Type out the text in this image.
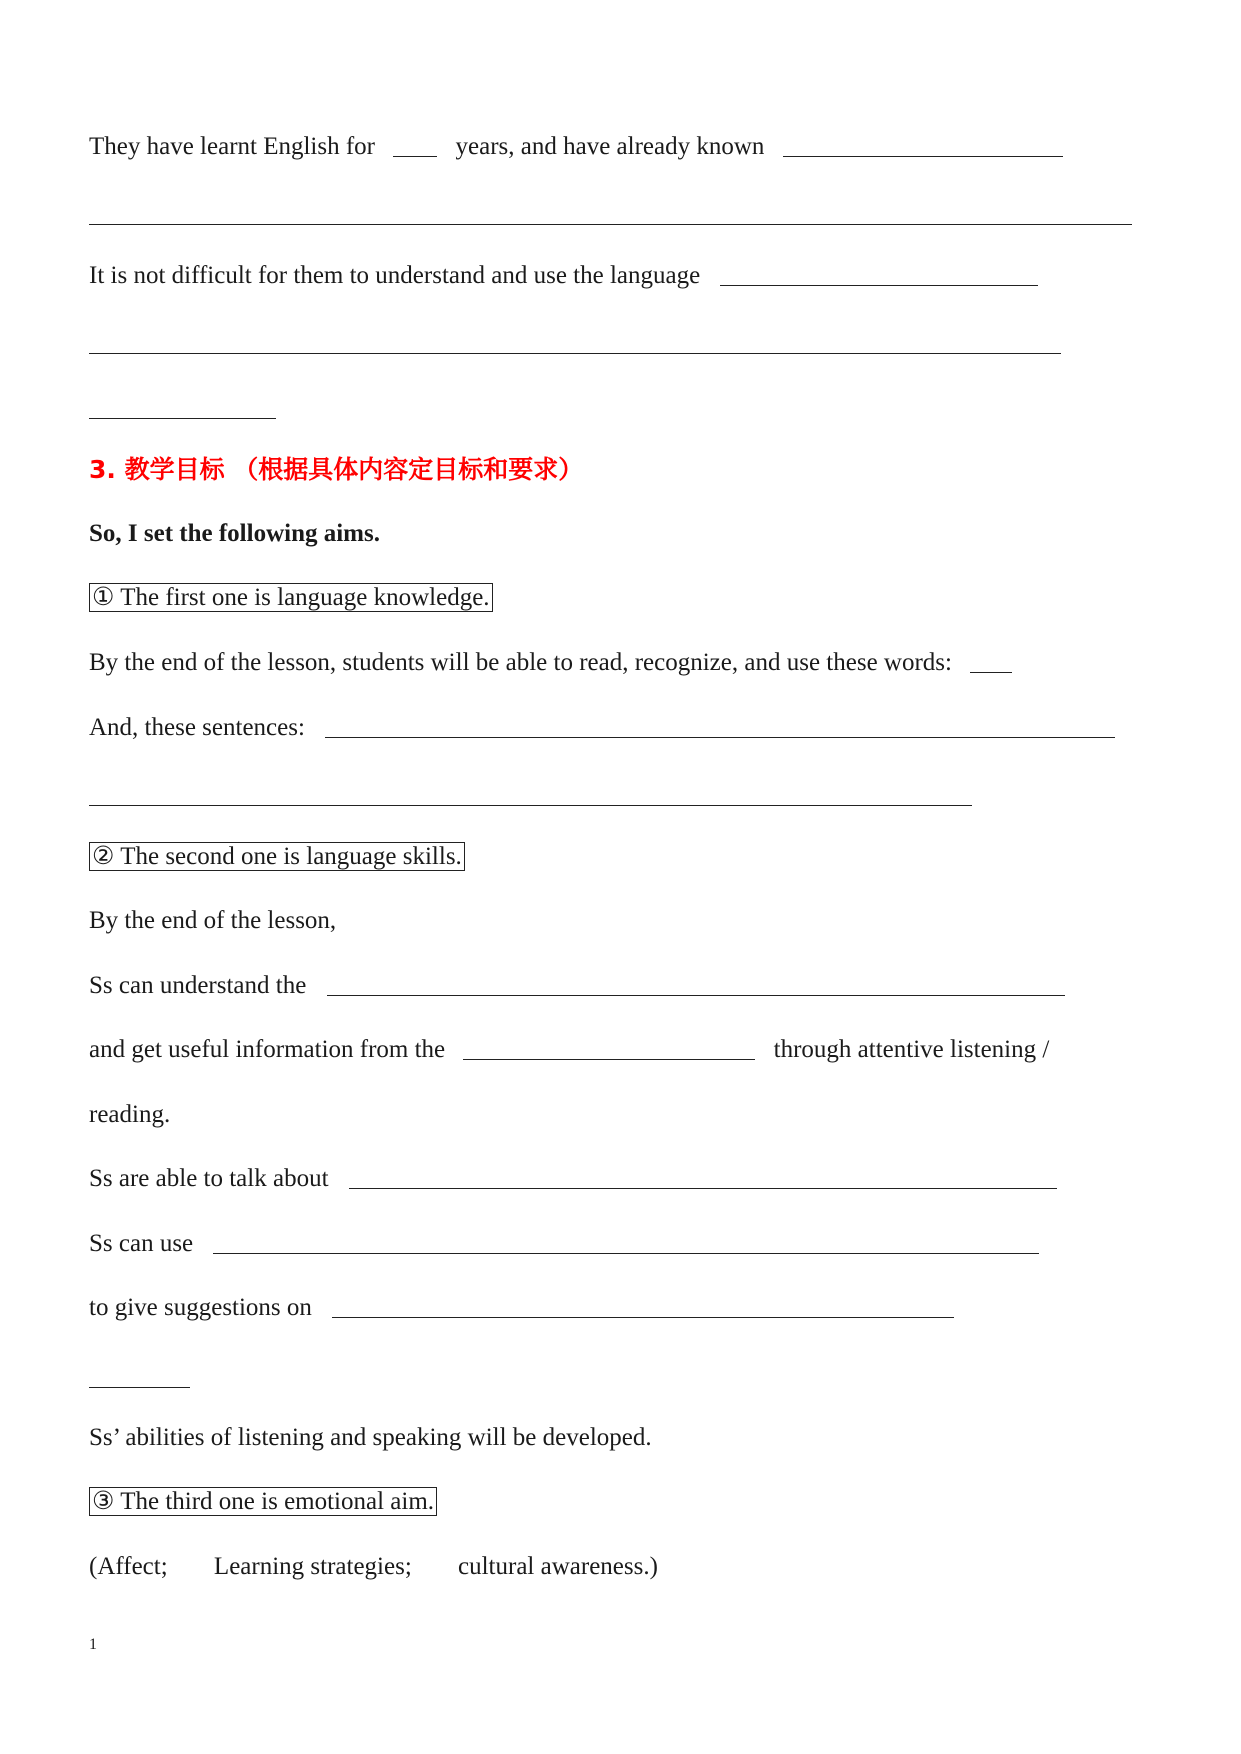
They have learnt English for	years, and have already known
It is not difficult for them to understand and use the language
3. 教学目标 （根据具体内容定目标和要求）
So, I set the following aims.
① The first one is language knowledge.
By the end of the lesson, students will be able to read, recognize, and use these words:
And, these sentences:
② The second one is language skills.
By the end of the lesson,
Ss can understand the
and get useful information from the	through attentive listening /
reading.
Ss are able to talk about
Ss can use
to give suggestions on
Ss’ abilities of listening and speaking will be developed.
③ The third one is emotional aim.
(Affect; Learning strategies; cultural awareness.)
1
